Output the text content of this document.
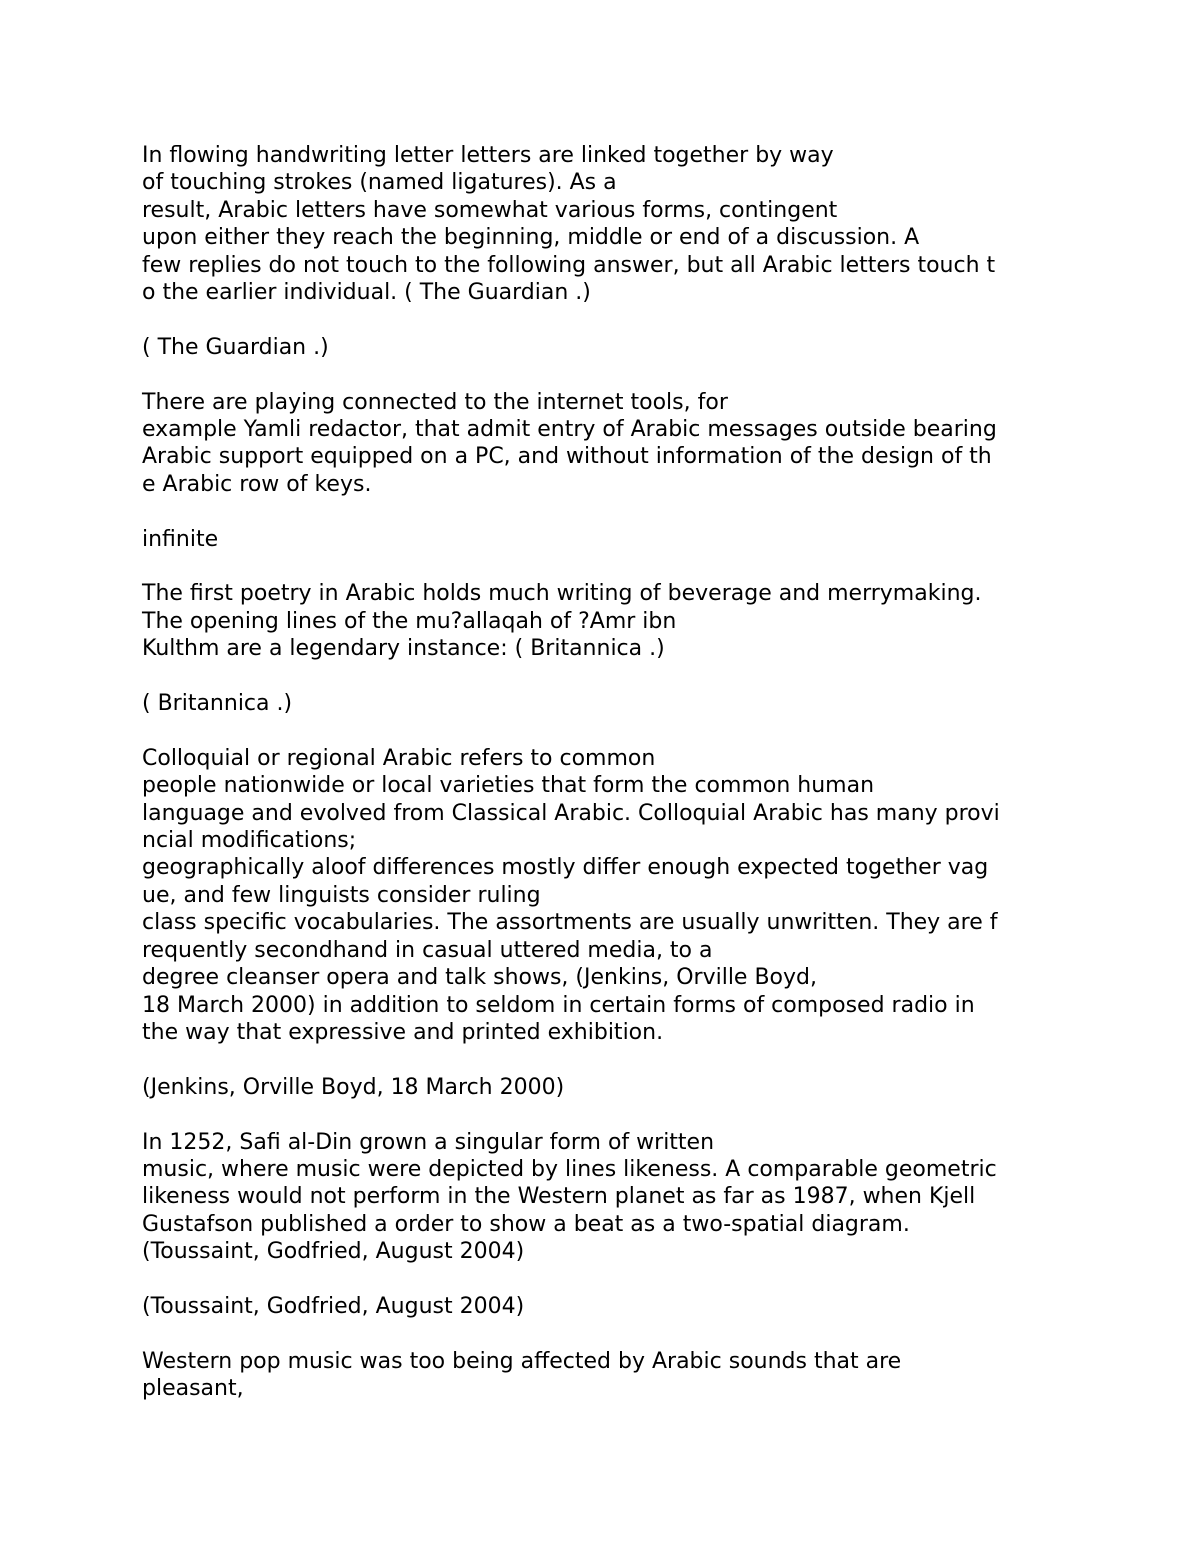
In flowing handwriting letter letters are linked together by way
of touching strokes (named ligatures). As a
result, Arabic letters have somewhat various forms, contingent
upon either they reach the beginning, middle or end of a discussion. A
few replies do not touch to the following answer, but all Arabic letters touch t
o the earlier individual. ( The Guardian .)

( The Guardian .)

There are playing connected to the internet tools, for
example Yamli redactor, that admit entry of Arabic messages outside bearing
Arabic support equipped on a PC, and without information of the design of th
e Arabic row of keys.

infinite

The first poetry in Arabic holds much writing of beverage and merrymaking.
The opening lines of the mu?allaqah of ?Amr ibn
Kulthm are a legendary instance: ( Britannica .)

( Britannica .)

Colloquial or regional Arabic refers to common
people nationwide or local varieties that form the common human
language and evolved from Classical Arabic. Colloquial Arabic has many provi
ncial modifications;
geographically aloof differences mostly differ enough expected together vag
ue, and few linguists consider ruling
class specific vocabularies. The assortments are usually unwritten. They are f
requently secondhand in casual uttered media, to a
degree cleanser opera and talk shows, (Jenkins, Orville Boyd,
18 March 2000) in addition to seldom in certain forms of composed radio in
the way that expressive and printed exhibition.

(Jenkins, Orville Boyd, 18 March 2000)

In 1252, Safi al-Din grown a singular form of written
music, where music were depicted by lines likeness. A comparable geometric
likeness would not perform in the Western planet as far as 1987, when Kjell
Gustafson published a order to show a beat as a two-spatial diagram.
(Toussaint, Godfried, August 2004)

(Toussaint, Godfried, August 2004)

Western pop music was too being affected by Arabic sounds that are
pleasant,
